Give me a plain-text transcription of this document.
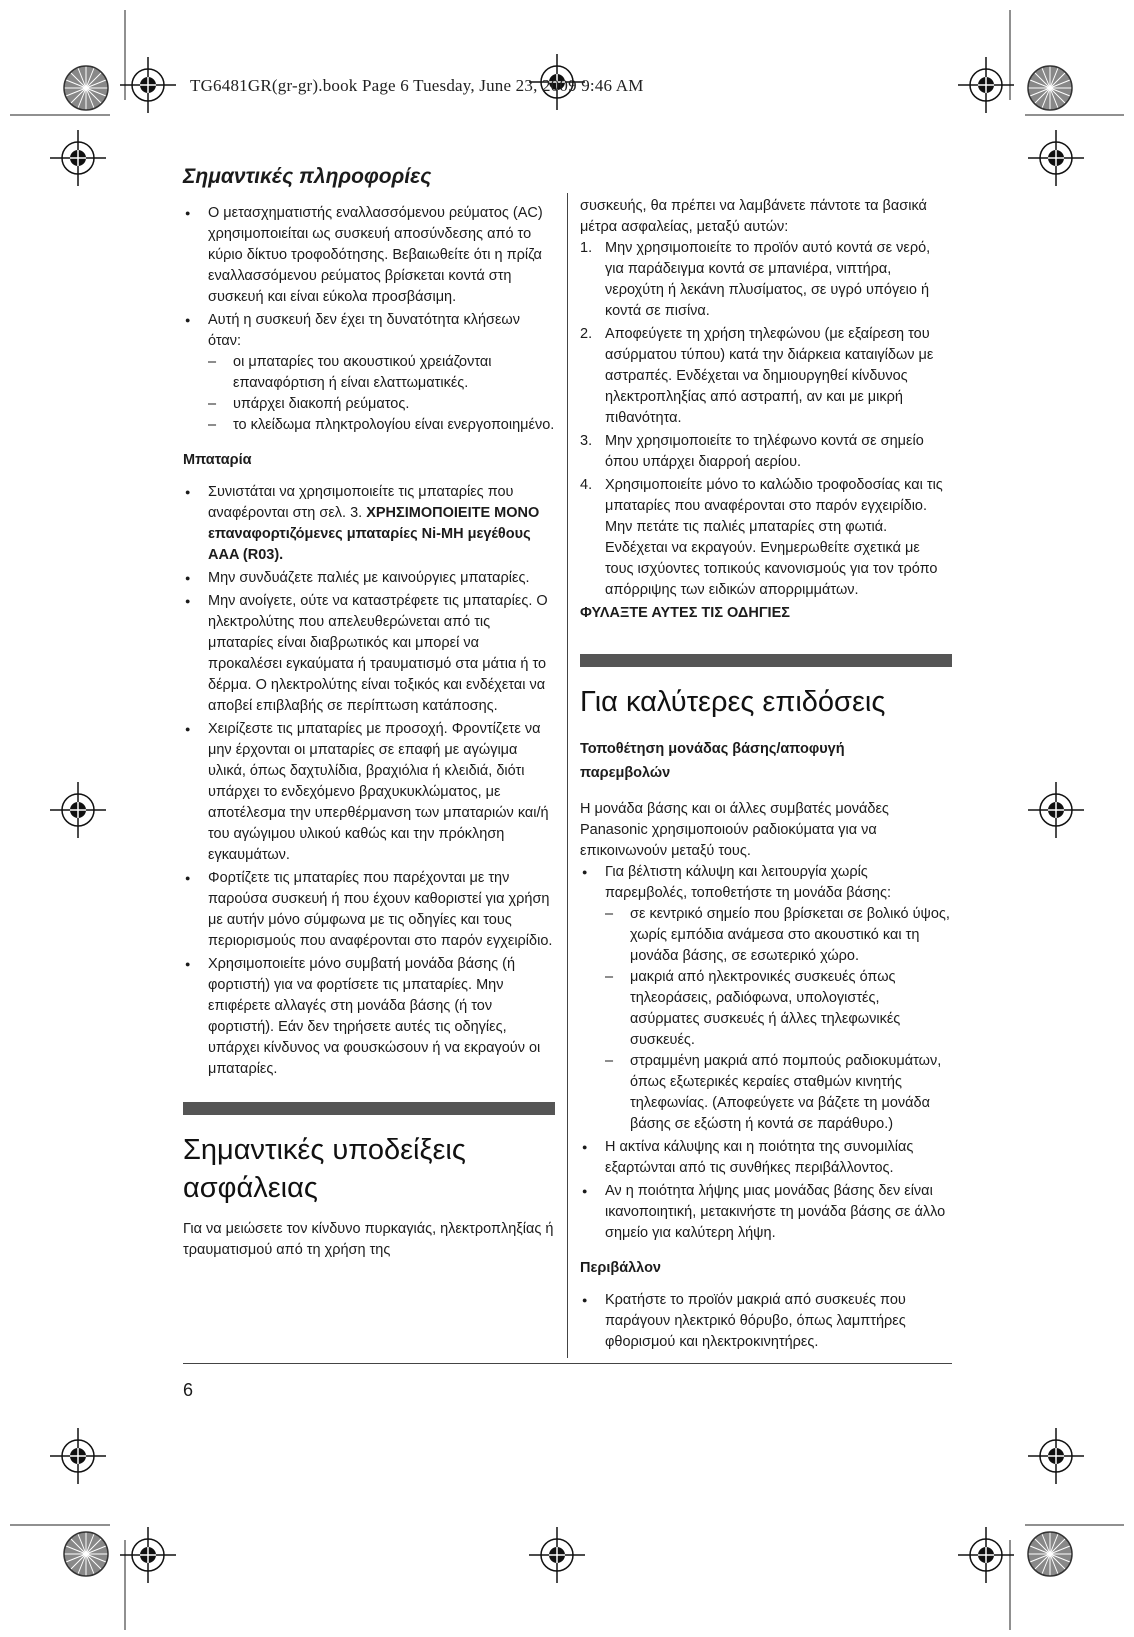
TG6481GR(gr-gr).book Page 6 Tuesday, June 23, 2009 9:46 AM
Σημαντικές πληροφορίες
● Ο μετασχηματιστής εναλλασσόμενου ρεύματος (AC) χρησιμοποιείται ως συσκευή αποσύνδεσης από το κύριο δίκτυο τροφοδότησης. Βεβαιωθείτε ότι η πρίζα εναλλασσόμενου ρεύματος βρίσκεται κοντά στη συσκευή και είναι εύκολα προσβάσιμη.
● Αυτή η συσκευή δεν έχει τη δυνατότητα κλήσεων όταν:
– οι μπαταρίες του ακουστικού χρειάζονται επαναφόρτιση ή είναι ελαττωματικές.
– υπάρχει διακοπή ρεύματος.
– το κλείδωμα πληκτρολογίου είναι ενεργοποιημένο.
Μπαταρία
● Συνιστάται να χρησιμοποιείτε τις μπαταρίες που αναφέρονται στη σελ. 3. ΧΡΗΣΙΜΟΠΟΙΕΙΤΕ ΜΟΝΟ επαναφορτιζόμενες μπαταρίες Ni-MH μεγέθους AAA (R03).
● Μην συνδυάζετε παλιές με καινούργιες μπαταρίες.
● Μην ανοίγετε, ούτε να καταστρέφετε τις μπαταρίες. Ο ηλεκτρολύτης που απελευθερώνεται από τις μπαταρίες είναι διαβρωτικός και μπορεί να προκαλέσει εγκαύματα ή τραυματισμό στα μάτια ή το δέρμα. Ο ηλεκτρολύτης είναι τοξικός και ενδέχεται να αποβεί επιβλαβής σε περίπτωση κατάποσης.
● Χειρίζεστε τις μπαταρίες με προσοχή. Φροντίζετε να μην έρχονται οι μπαταρίες σε επαφή με αγώγιμα υλικά, όπως δαχτυλίδια, βραχιόλια ή κλειδιά, διότι υπάρχει το ενδεχόμενο βραχυκυκλώματος, με αποτέλεσμα την υπερθέρμανση των μπαταριών και/ή του αγώγιμου υλικού καθώς και την πρόκληση εγκαυμάτων.
● Φορτίζετε τις μπαταρίες που παρέχονται με την παρούσα συσκευή ή που έχουν καθοριστεί για χρήση με αυτήν μόνο σύμφωνα με τις οδηγίες και τους περιορισμούς που αναφέρονται στο παρόν εγχειρίδιο.
● Χρησιμοποιείτε μόνο συμβατή μονάδα βάσης (ή φορτιστή) για να φορτίσετε τις μπαταρίες. Μην επιφέρετε αλλαγές στη μονάδα βάσης (ή τον φορτιστή). Εάν δεν τηρήσετε αυτές τις οδηγίες, υπάρχει κίνδυνος να φουσκώσουν ή να εκραγούν οι μπαταρίες.
Σημαντικές υποδείξεις
ασφάλειας

Για να μειώσετε τον κίνδυνο πυρκαγιάς, ηλεκτροπληξίας ή τραυματισμού από τη χρήση της

συσκευής, θα πρέπει να λαμβάνετε πάντοτε τα βασικά μέτρα ασφαλείας, μεταξύ αυτών:

1. Μην χρησιμοποιείτε το προϊόν αυτό κοντά σε νερό, για παράδειγμα κοντά σε μπανιέρα, νιπτήρα, νεροχύτη ή λεκάνη πλυσίματος, σε υγρό υπόγειο ή κοντά σε πισίνα.
2. Αποφεύγετε τη χρήση τηλεφώνου (με εξαίρεση του ασύρματου τύπου) κατά την διάρκεια καταιγίδων με αστραπές. Ενδέχεται να δημιουργηθεί κίνδυνος ηλεκτροπληξίας από αστραπή, αν και με μικρή πιθανότητα.
3. Μην χρησιμοποιείτε το τηλέφωνο κοντά σε σημείο όπου υπάρχει διαρροή αερίου.
4. Χρησιμοποιείτε μόνο το καλώδιο τροφοδοσίας και τις μπαταρίες που αναφέρονται στο παρόν εγχειρίδιο. Μην πετάτε τις παλιές μπαταρίες στη φωτιά. Ενδέχεται να εκραγούν. Ενημερωθείτε σχετικά με τους ισχύοντες τοπικούς κανονισμούς για τον τρόπο απόρριψης των ειδικών απορριμμάτων.

ΦΥΛΑΞΤΕ ΑΥΤΕΣ ΤΙΣ ΟΔΗΓΙΕΣ

Για καλύτερες επιδόσεις
Τοποθέτηση μονάδας βάσης/αποφυγή
παρεμβολών

Η μονάδα βάσης και οι άλλες συμβατές μονάδες Panasonic χρησιμοποιούν ραδιοκύματα για να επικοινωνούν μεταξύ τους.

● Για βέλτιστη κάλυψη και λειτουργία χωρίς παρεμβολές, τοποθετήστε τη μονάδα βάσης:
– σε κεντρικό σημείο που βρίσκεται σε βολικό ύψος, χωρίς εμπόδια ανάμεσα στο ακουστικό και τη μονάδα βάσης, σε εσωτερικό χώρο.
– μακριά από ηλεκτρονικές συσκευές όπως τηλεοράσεις, ραδιόφωνα, υπολογιστές, ασύρματες συσκευές ή άλλες τηλεφωνικές συσκευές.
– στραμμένη μακριά από πομπούς ραδιοκυμάτων, όπως εξωτερικές κεραίες σταθμών κινητής τηλεφωνίας. (Αποφεύγετε να βάζετε τη μονάδα βάσης σε εξώστη ή κοντά σε παράθυρο.)
● Η ακτίνα κάλυψης και η ποιότητα της συνομιλίας εξαρτώνται από τις συνθήκες περιβάλλοντος.
● Αν η ποιότητα λήψης μιας μονάδας βάσης δεν είναι ικανοποιητική, μετακινήστε τη μονάδα βάσης σε άλλο σημείο για καλύτερη λήψη.
Περιβάλλον
● Κρατήστε το προϊόν μακριά από συσκευές που παράγουν ηλεκτρικό θόρυβο, όπως λαμπτήρες φθορισμού και ηλεκτροκινητήρες.
6
